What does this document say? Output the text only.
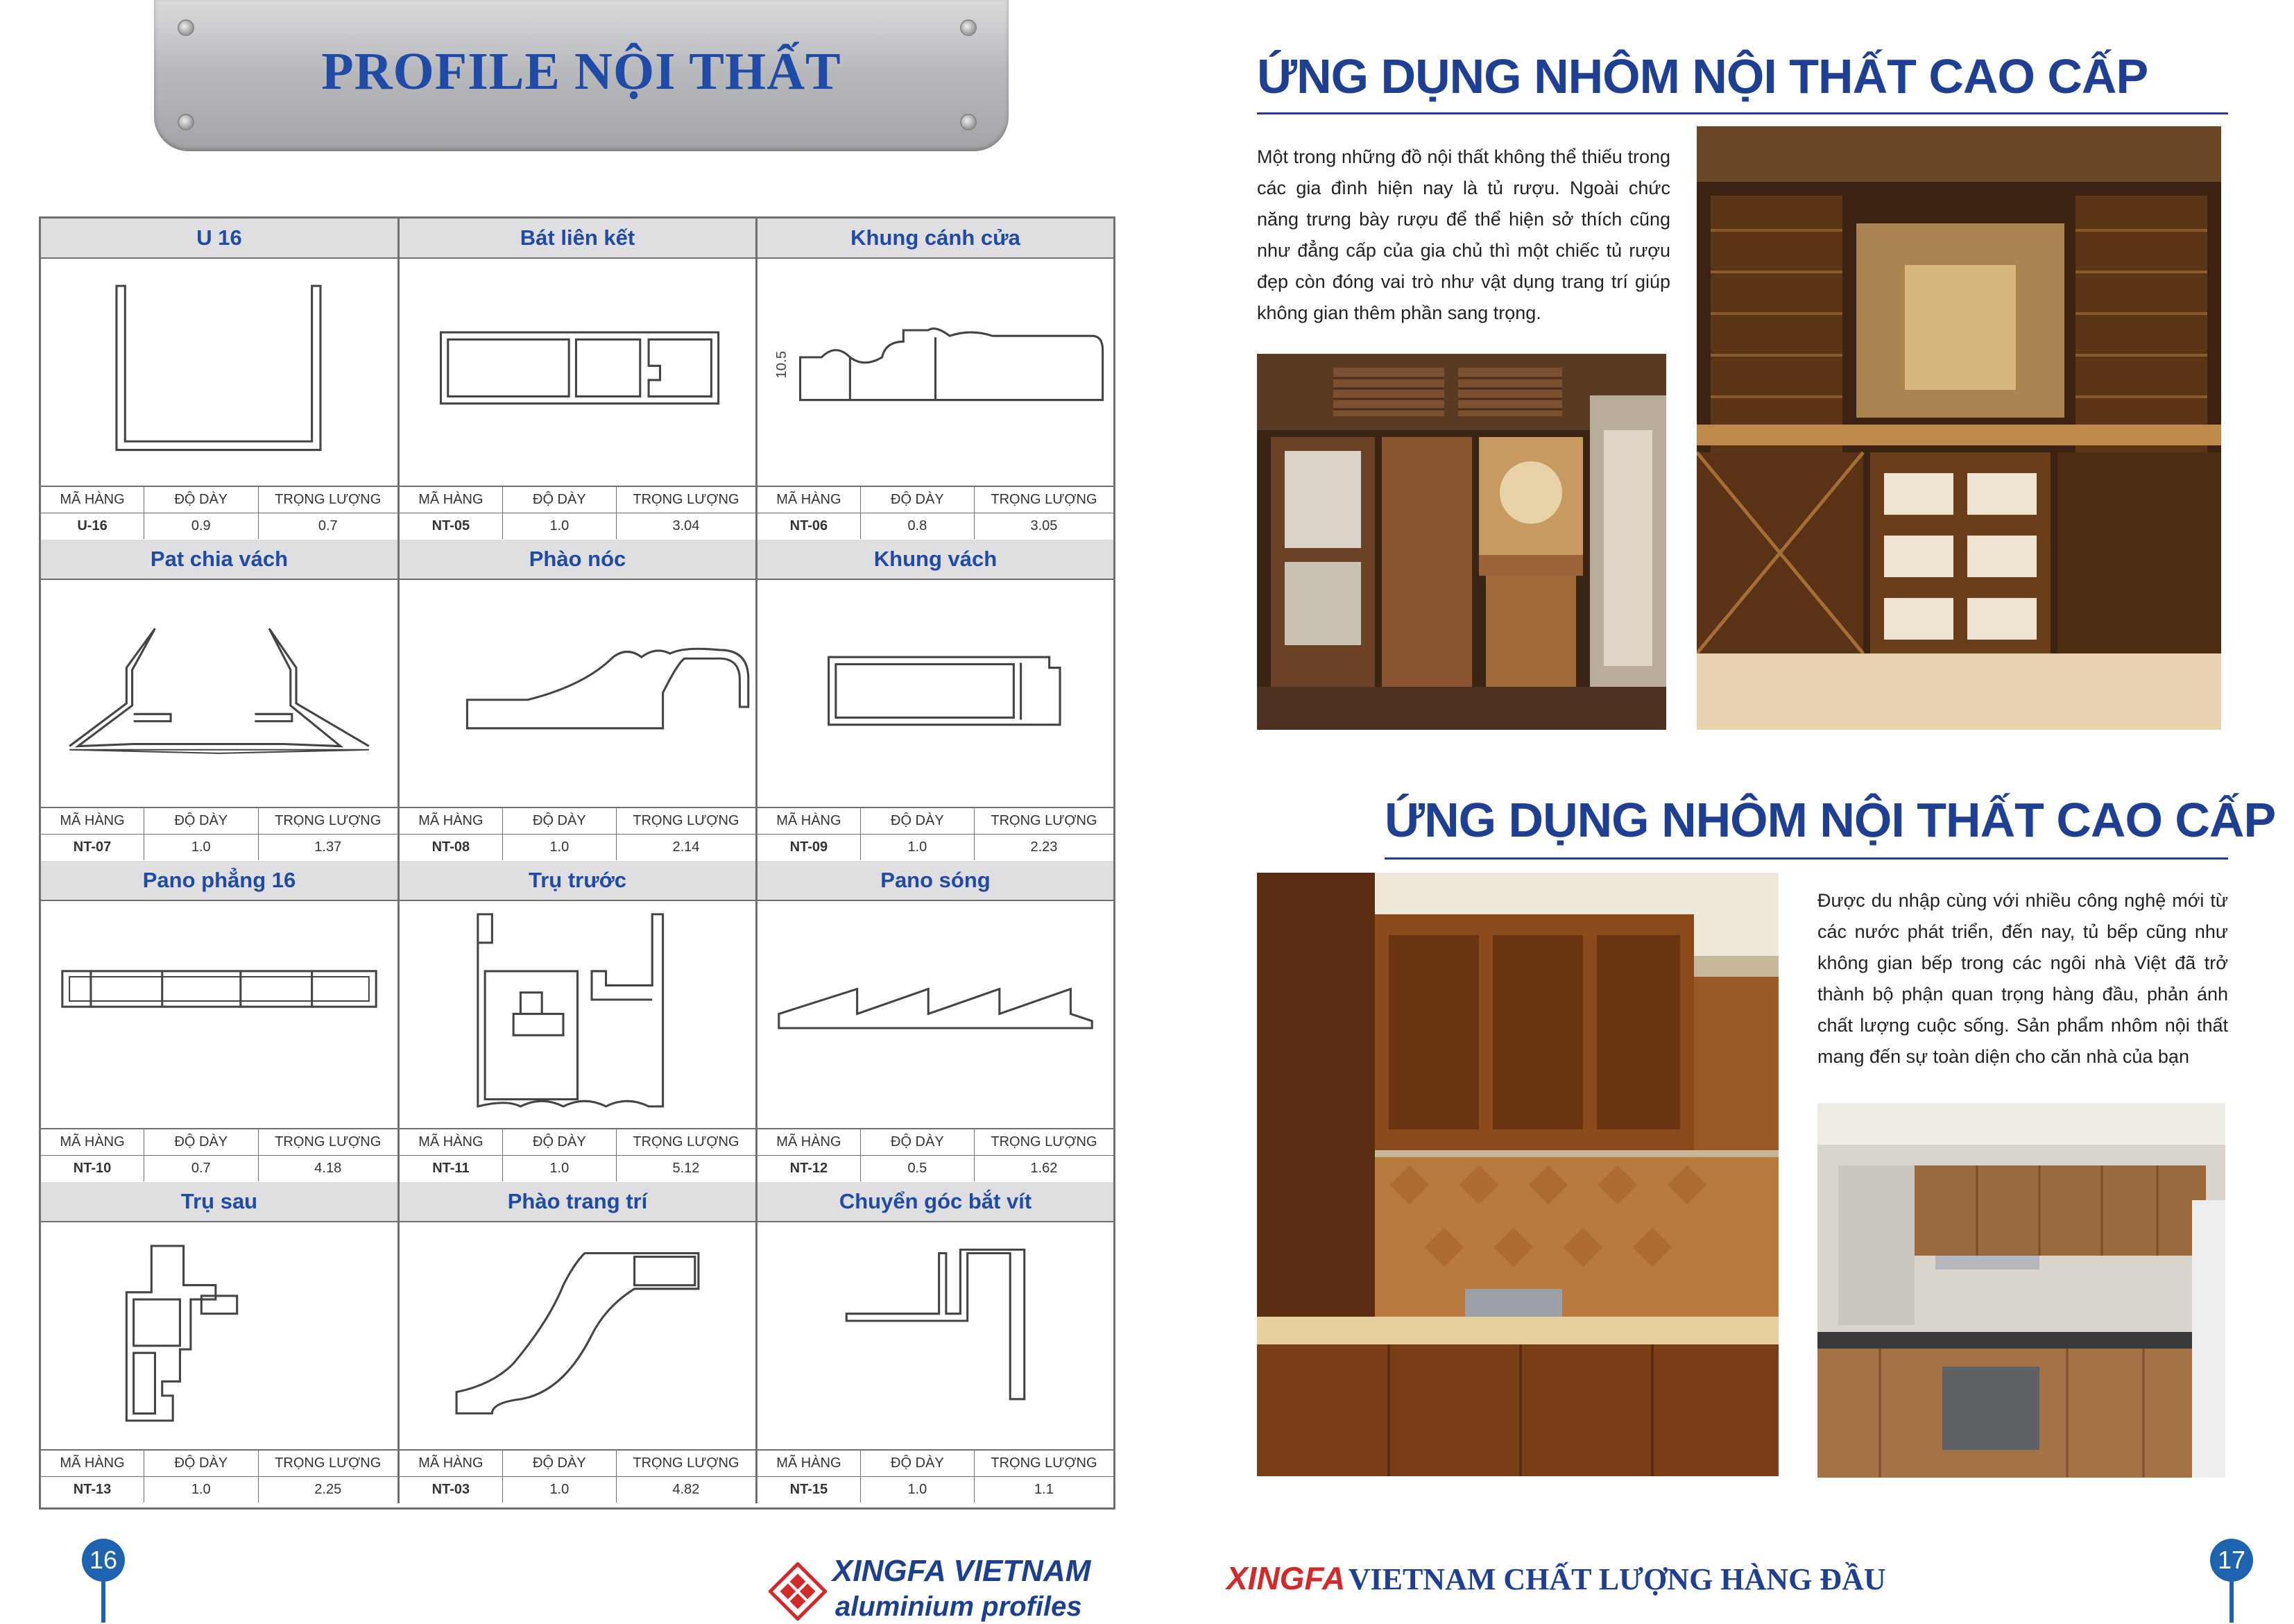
PROFILE NỘI THẤT
U 16
MÃ HÀNG	ĐỘ DÀY	TRỌNG LƯỢNG
U-16	0.9	0.7
Bát liên kết
MÃ HÀNG	ĐỘ DÀY	TRỌNG LƯỢNG
NT-05	1.0	3.04
Khung cánh cửa
10.5
MÃ HÀNG	ĐỘ DÀY	TRỌNG LƯỢNG
NT-06	0.8	3.05
Pat chia vách
MÃ HÀNG	ĐỘ DÀY	TRỌNG LƯỢNG
NT-07	1.0	1.37
Phào nóc
MÃ HÀNG	ĐỘ DÀY	TRỌNG LƯỢNG
NT-08	1.0	2.14
Khung vách
MÃ HÀNG	ĐỘ DÀY	TRỌNG LƯỢNG
NT-09	1.0	2.23
Pano phẳng 16
MÃ HÀNG	ĐỘ DÀY	TRỌNG LƯỢNG
NT-10	0.7	4.18
Trụ trước
MÃ HÀNG	ĐỘ DÀY	TRỌNG LƯỢNG
NT-11	1.0	5.12
Pano sóng
MÃ HÀNG	ĐỘ DÀY	TRỌNG LƯỢNG
NT-12	0.5	1.62
Trụ sau
MÃ HÀNG	ĐỘ DÀY	TRỌNG LƯỢNG
NT-13	1.0	2.25
Phào trang trí
MÃ HÀNG	ĐỘ DÀY	TRỌNG LƯỢNG
NT-03	1.0	4.82
Chuyển góc bắt vít
MÃ HÀNG	ĐỘ DÀY	TRỌNG LƯỢNG
NT-15	1.0	1.1
16	XINGFA VIETNAM
aluminium profiles
ỨNG DỤNG NHÔM NỘI THẤT CAO CẤP
Một trong những đồ nội thất không thể thiếu trong các gia đình hiện nay là tủ rượu. Ngoài chức năng trưng bày rượu để thể hiện sở thích cũng như đẳng cấp của gia chủ thì một chiếc tủ rượu đẹp còn đóng vai trò như vật dụng trang trí giúp không gian thêm phần sang trọng.
ỨNG DỤNG NHÔM NỘI THẤT CAO CẤP
Được du nhập cùng với nhiều công nghệ mới từ các nước phát triển, đến nay, tủ bếp cũng như không gian bếp trong các ngôi nhà Việt đã trở thành bộ phận quan trọng hàng đầu, phản ánh chất lượng cuộc sống. Sản phẩm nhôm nội thất mang đến sự toàn diện cho căn nhà của bạn
XINGFA VIETNAM CHẤT LƯỢNG HÀNG ĐẦU
17
